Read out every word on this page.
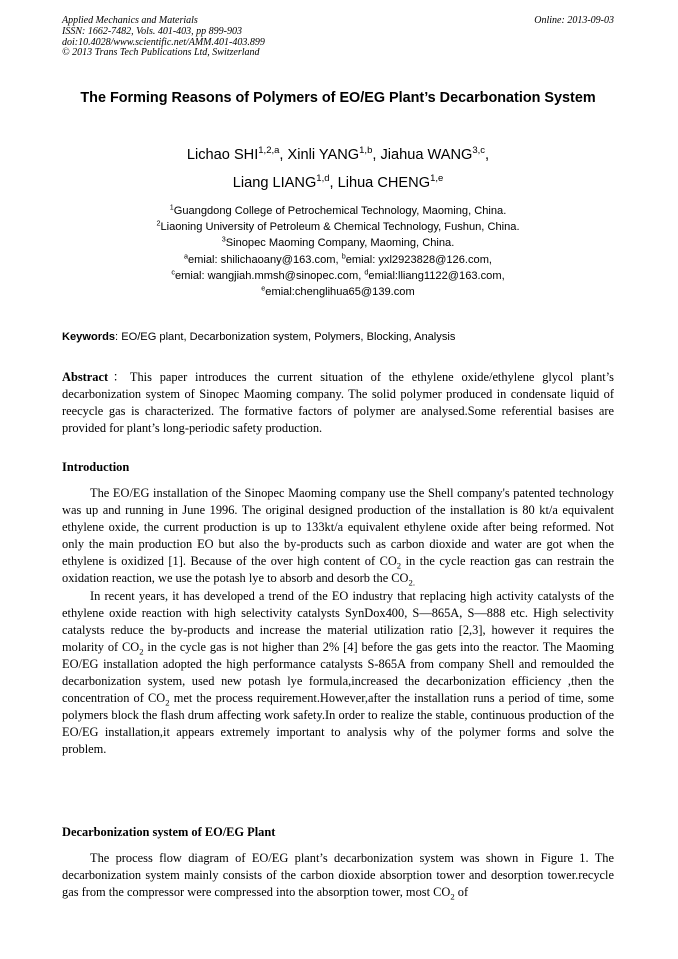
Applied Mechanics and Materials
ISSN: 1662-7482, Vols. 401-403, pp 899-903
doi:10.4028/www.scientific.net/AMM.401-403.899
© 2013 Trans Tech Publications Ltd, Switzerland
Online: 2013-09-03
The Forming Reasons of Polymers of EO/EG Plant’s Decarbonation System
Lichao SHI$^{1,2,a}$, Xinli YANG$^{1,b}$, Jiahua WANG$^{3,c}$,
Liang LIANG$^{1,d}$, Lihua CHENG$^{1,e}$
$^1$Guangdong College of Petrochemical Technology, Maoming, China.
$^2$Liaoning University of Petroleum & Chemical Technology, Fushun, China.
$^3$Sinopec Maoming Company, Maoming, China.
$^a$emial: shilichaoany@163.com, $^b$emial: yxl2923828@126.com,
$^c$emial: wangjiah.mmsh@sinopec.com, $^d$emial:lliang1122@163.com,
$^e$emial:chenglihua65@139.com
Keywords: EO/EG plant, Decarbonization system, Polymers, Blocking, Analysis
Abstract：This paper introduces the current situation of the ethylene oxide/ethylene glycol plant’s decarbonization system of Sinopec Maoming company. The solid polymer produced in condensate liquid of reecycle gas is characterized. The formative factors of polymer are analysed.Some referential basises are provided for plant’s long-periodic safety production.
Introduction

The EO/EG installation of the Sinopec Maoming company use the Shell company's patented technology was up and running in June 1996. The original designed production of the installation is 80 kt/a equivalent ethylene oxide, the current production is up to 133kt/a equivalent ethylene oxide after being reformed. Not only the main production EO but also the by-products such as carbon dioxide and water are got when the ethylene is oxidized [1]. Because of the over high content of $CO_2$ in the cycle reaction gas can restrain the oxidation reaction, we use the potash lye to absorb and desorb the $CO_{2.}$

In recent years, it has developed a trend of the EO industry that replacing high activity catalysts of the ethylene oxide reaction with high selectivity catalysts SynDox400, S—865A, S—888 etc. High selectivity catalysts reduce the by-products and increase the material utilization ratio [2,3], however it requires the molarity of $CO_2$ in the cycle gas is not higher than 2% [4] before the gas gets into the reactor. The Maoming EO/EG installation adopted the high performance catalysts S-865A from company Shell and remoulded the decarbonization system, used new potash lye formula,increased the decarbonization efficiency ,then the concentration of $CO_2$ met the process requirement.However,after the installation runs a period of time, some polymers block the flash drum affecting work safety.In order to realize the stable, continuous production of the EO/EG installation,it appears extremely important to analysis why of the polymer forms and solve the problem.

Decarbonization system of EO/EG Plant

The process flow diagram of EO/EG plant’s decarbonization system was shown in Figure 1. The decarbonization system mainly consists of the carbon dioxide absorption tower and desorption tower.recycle gas from the compressor were compressed into the absorption tower, most $CO_2$ of
